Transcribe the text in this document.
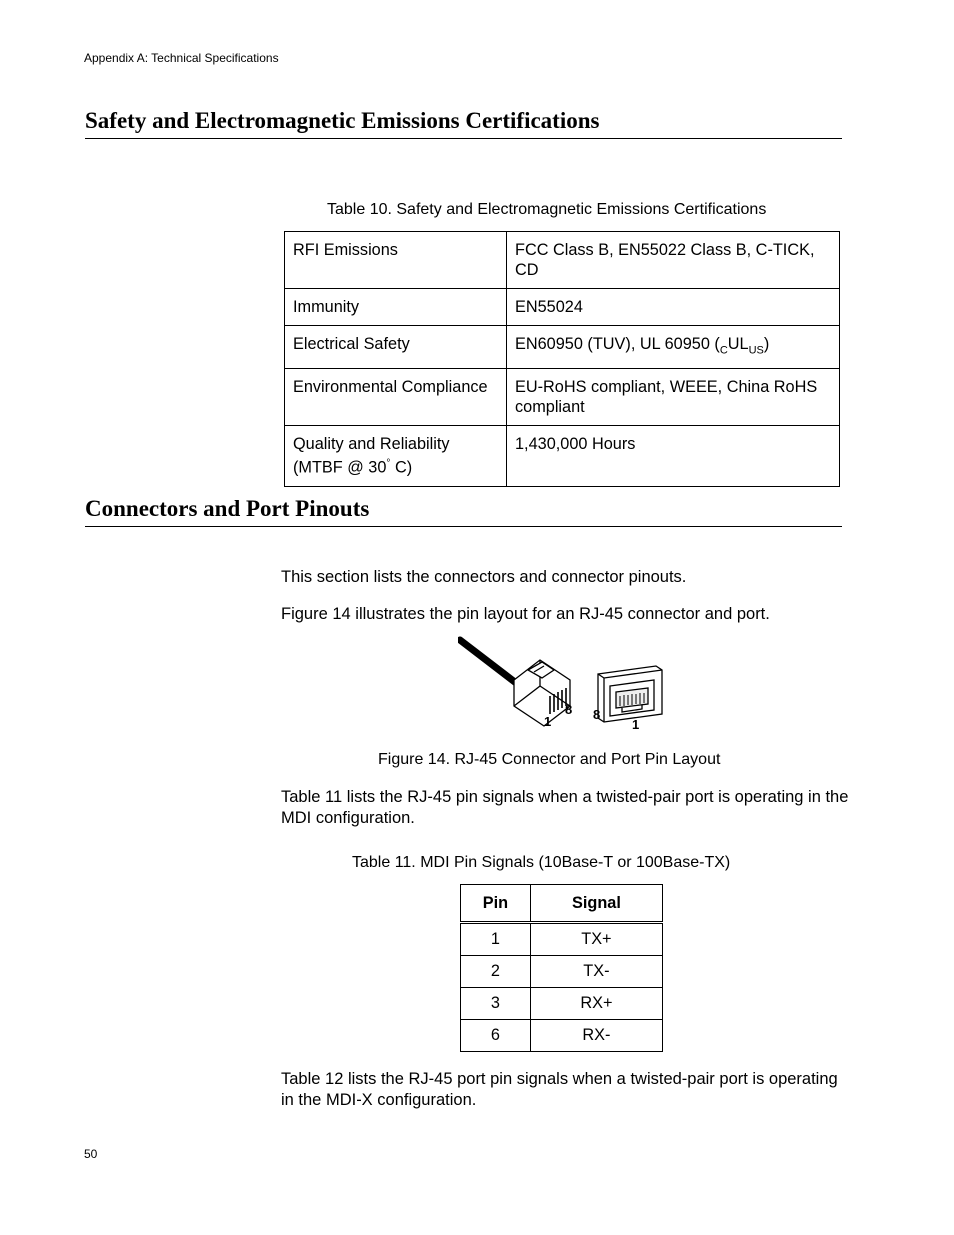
Appendix A: Technical Specifications
Safety and Electromagnetic Emissions Certifications
Table 10. Safety and Electromagnetic Emissions Certifications
RFI Emissions	FCC Class B, EN55022 Class B, C-TICK, CD
Immunity	EN55024
Electrical Safety	EN60950 (TUV), UL 60950 $(_CUL_{US})$
Environmental Compliance	EU-RoHS compliant, WEEE, China RoHS compliant
Quality and Reliability (MTBF @ 30° C)	1,430,000 Hours
Connectors and Port Pinouts
This section lists the connectors and connector pinouts.
Figure 14 illustrates the pin layout for an RJ-45 connector and port.
1
8 8
1
Figure 14. RJ-45 Connector and Port Pin Layout
Table 11 lists the RJ-45 pin signals when a twisted-pair port is operating in the MDI configuration.
Table 11. MDI Pin Signals (10Base-T or 100Base-TX)
Pin	Signal
1	TX+
2	TX-
3	RX+
6	RX-
Table 12 lists the RJ-45 port pin signals when a twisted-pair port is operating in the MDI-X configuration.
50
